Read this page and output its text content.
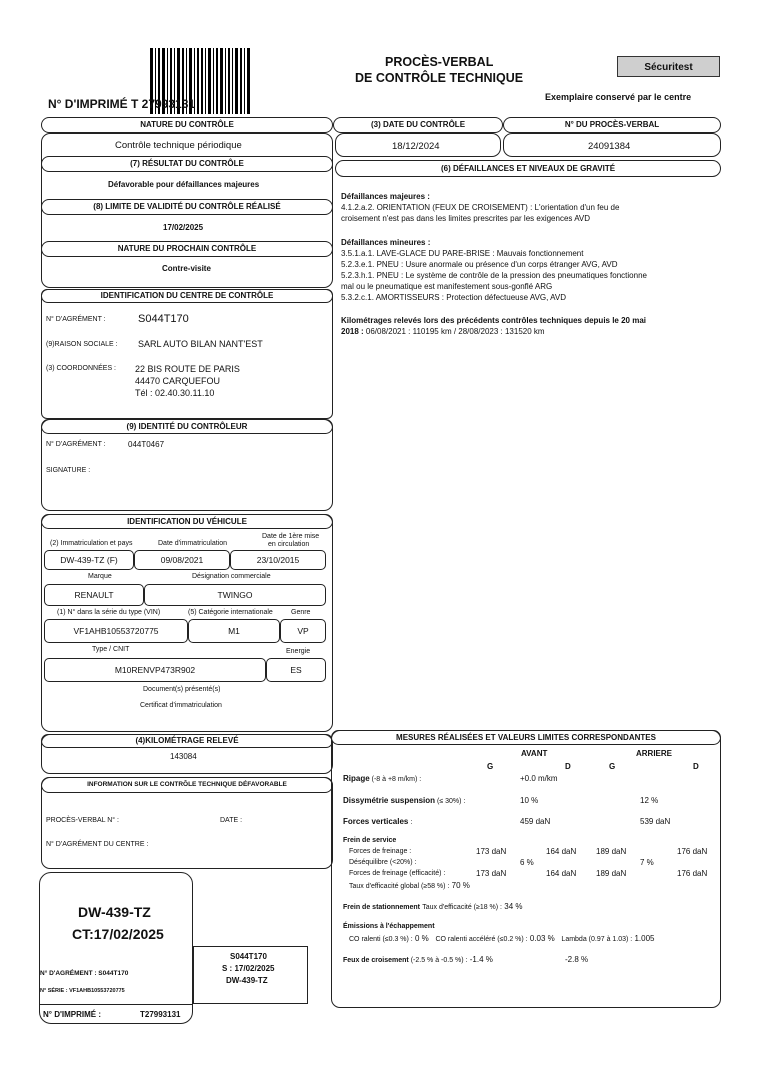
N° D'IMPRIMÉ T 27993131
PROCÈS-VERBAL
DE CONTRÔLE TECHNIQUE
Sécuritest
Exemplaire conservé par le centre
NATURE DU CONTRÔLE
Contrôle technique périodique
(3) DATE DU CONTRÔLE	N° DU PROCÈS-VERBAL
18/12/2024	24091384
(7) RÉSULTAT DU CONTRÔLE
Défavorable pour défaillances majeures
(8) LIMITE DE VALIDITÉ DU CONTRÔLE RÉALISÉ
17/02/2025
NATURE DU PROCHAIN CONTRÔLE
Contre-visite
(6) DÉFAILLANCES ET NIVEAUX DE GRAVITÉ
Défaillances majeures :
4.1.2.a.2. ORIENTATION (FEUX DE CROISEMENT) : L'orientation d'un feu de
croisement n'est pas dans les limites prescrites par les exigences AVD
Défaillances mineures :
3.5.1.a.1. LAVE-GLACE DU PARE-BRISE : Mauvais fonctionnement
5.2.3.e.1. PNEU : Usure anormale ou présence d'un corps étranger AVG, AVD
5.2.3.h.1. PNEU : Le système de contrôle de la pression des pneumatiques fonctionne
mal ou le pneumatique est manifestement sous-gonflé ARG
5.3.2.c.1. AMORTISSEURS : Protection défectueuse AVG, AVD
Kilométrages relevés lors des précédents contrôles techniques depuis le 20 mai
2018 : 06/08/2021 : 110195 km / 28/08/2023 : 131520 km
IDENTIFICATION DU CENTRE DE CONTRÔLE
N° D'AGRÉMENT :	S044T170
(9)RAISON SOCIALE : SARL AUTO BILAN NANT'EST
(3) COORDONNÉES : 22 BIS ROUTE DE PARIS
44470 CARQUEFOU
Tél : 02.40.30.11.10
(9) IDENTITÉ DU CONTRÔLEUR
N° D'AGRÉMENT :	044T0467
SIGNATURE :
IDENTIFICATION DU VÉHICULE
(2) Immatriculation et pays	Date d'immatriculation
Date de 1ère mise
en circulation
DW-439-TZ (F)	09/08/2021	23/10/2015
Marque	Désignation commerciale
RENAULT	TWINGO
(1) N° dans la série du type (VIN)	(5) Catégorie internationale	Genre
VF1AHB10553720775	M1	VP
Type / CNIT	Energie
M10RENVP473R902	ES
Document(s) présenté(s)
Certificat d'immatriculation
(4)KILOMÉTRAGE RELEVÉ
143084
INFORMATION SUR LE CONTRÔLE TECHNIQUE DÉFAVORABLE
PROCÈS-VERBAL N° :	DATE :
N° D'AGRÉMENT DU CENTRE :
DW-439-TZ
CT:17/02/2025
N° D'AGRÉMENT : S044T170
N° SÉRIE : VF1AHB10553720775
N° D'IMPRIMÉ :	T27993131
S044T170
S : 17/02/2025
DW-439-TZ
MESURES RÉALISÉES ET VALEURS LIMITES CORRESPONDANTES
AVANT	ARRIERE
G	D	G	D
Ripage (-8 à +8 m/km) :	+0.0 m/km
Dissymétrie suspension (≤ 30%) :	10 %	12 %
Forces verticales :	459 daN	539 daN
Frein de service
Forces de freinage :	173 daN	164 daN 189 daN	176 daN
Déséquilibre (<20%) :	6 %	7 %
Forces de freinage (efficacité) :	173 daN	164 daN 189 daN	176 daN
Taux d'efficacité global (≥58 %) : 70 %
Frein de stationnement Taux d'efficacité (≥18 %) : 34 %
Émissions à l'échappement
CO ralenti (≤0.3 %) : 0 % CO ralenti accéléré (≤0.2 %) : 0.03 % Lambda (0.97 à 1.03) : 1.005
Feux de croisement (-2.5 % à -0.5 %) : -1.4 %	-2.8 %
